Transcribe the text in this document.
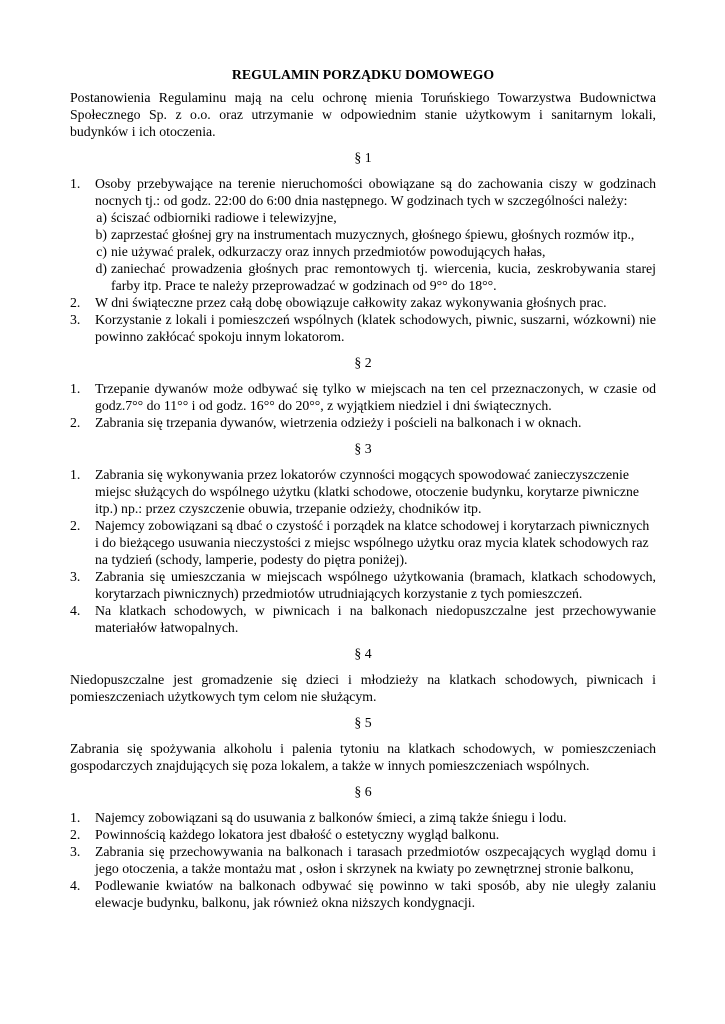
REGULAMIN PORZĄDKU DOMOWEGO

Postanowienia Regulaminu mają na celu ochronę mienia Toruńskiego Towarzystwa Budownictwa Społecznego Sp. z o.o. oraz utrzymanie w odpowiednim stanie użytkowym i sanitarnym lokali, budynków i ich otoczenia.

§ 1

1. Osoby przebywające na terenie nieruchomości obowiązane są do zachowania ciszy w godzinach nocnych tj.: od godz. 22:00 do 6:00 dnia następnego. W godzinach tych w szczególności należy:
a) ściszać odbiorniki radiowe i telewizyjne,
b) zaprzestać głośnej gry na instrumentach muzycznych, głośnego śpiewu, głośnych rozmów itp.,
c) nie używać pralek, odkurzaczy oraz innych przedmiotów powodujących hałas,
d) zaniechać prowadzenia głośnych prac remontowych tj. wiercenia, kucia, zeskrobywania starej farby itp. Prace te należy przeprowadzać w godzinach od 9°° do 18°°.
2. W dni świąteczne przez całą dobę obowiązuje całkowity zakaz wykonywania głośnych prac.
3. Korzystanie z lokali i pomieszczeń wspólnych (klatek schodowych, piwnic, suszarni, wózkowni) nie powinno zakłócać spokoju innym lokatorom.

§ 2

1. Trzepanie dywanów może odbywać się tylko w miejscach na ten cel przeznaczonych, w czasie od godz.7°° do 11°° i od godz. 16°° do 20°°, z wyjątkiem niedziel i dni świątecznych.
2. Zabrania się trzepania dywanów, wietrzenia odzieży i pościeli na balkonach i w oknach.

§ 3

1. Zabrania się wykonywania przez lokatorów czynności mogących spowodować zanieczyszczenie miejsc służących do wspólnego użytku (klatki schodowe, otoczenie budynku, korytarze piwniczne itp.) np.: przez czyszczenie obuwia, trzepanie odzieży, chodników itp.
2. Najemcy zobowiązani są dbać o czystość i porządek na klatce schodowej i korytarzach piwnicznych i do bieżącego usuwania nieczystości z miejsc wspólnego użytku oraz mycia klatek schodowych raz na tydzień (schody, lamperie, podesty do piętra poniżej).
3. Zabrania się umieszczania w miejscach wspólnego użytkowania (bramach, klatkach schodowych, korytarzach piwnicznych) przedmiotów utrudniających korzystanie z tych pomieszczeń.
4. Na klatkach schodowych, w piwnicach i na balkonach niedopuszczalne jest przechowywanie materiałów łatwopalnych.

§ 4

Niedopuszczalne jest gromadzenie się dzieci i młodzieży na klatkach schodowych, piwnicach i pomieszczeniach użytkowych tym celom nie służącym.

§ 5

Zabrania się spożywania alkoholu i palenia tytoniu na klatkach schodowych, w pomieszczeniach gospodarczych znajdujących się poza lokalem, a także w innych pomieszczeniach wspólnych.

§ 6

1. Najemcy zobowiązani są do usuwania z balkonów śmieci, a zimą także śniegu i lodu.
2. Powinnością każdego lokatora jest dbałość o estetyczny wygląd balkonu.
3. Zabrania się przechowywania na balkonach i tarasach przedmiotów oszpecających wygląd domu i jego otoczenia, a także montażu mat , osłon i skrzynek na kwiaty po zewnętrznej stronie balkonu,
4. Podlewanie kwiatów na balkonach odbywać się powinno w taki sposób, aby nie uległy zalaniu elewacje budynku, balkonu, jak również okna niższych kondygnacji.
